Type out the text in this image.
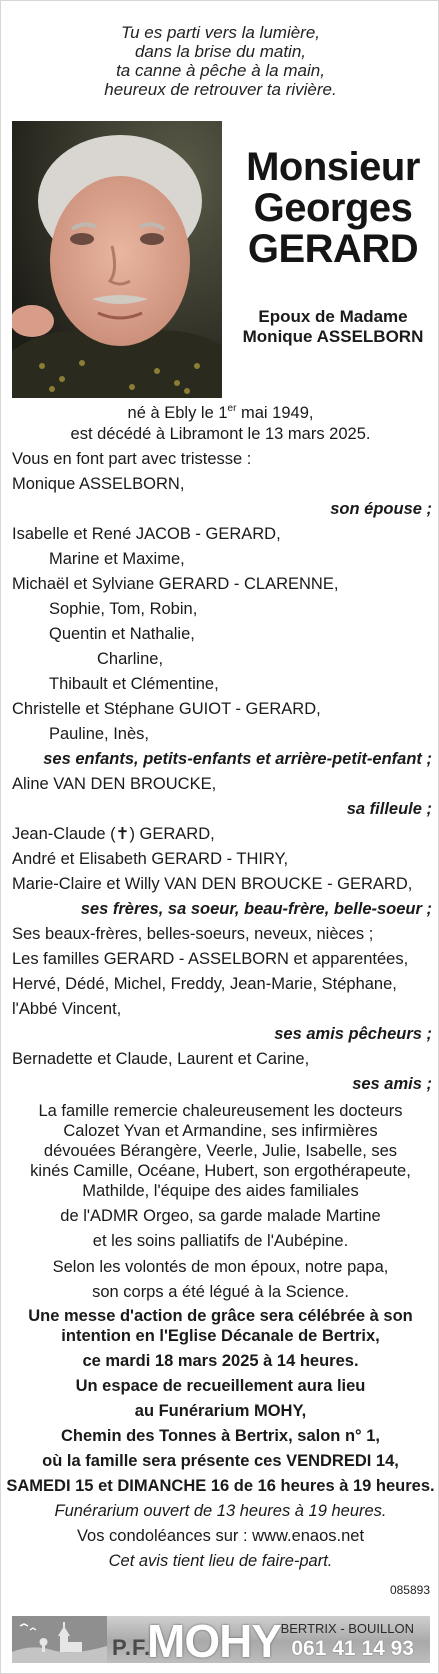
Tu es parti vers la lumière,
dans la brise du matin,
ta canne à pêche à la main,
heureux de retrouver ta rivière.
Monsieur
Georges
GERARD
Epoux de Madame
Monique ASSELBORN
né à Ebly le 1er mai 1949,
est décédé à Libramont le 13 mars 2025.
Vous en font part avec tristesse :
Monique ASSELBORN,
son épouse ;
Isabelle et René JACOB - GERARD,
Marine et Maxime,
Michaël et Sylviane GERARD - CLARENNE,
Sophie, Tom, Robin,
Quentin et Nathalie,
Charline,
Thibault et Clémentine,
Christelle et Stéphane GUIOT - GERARD,
Pauline, Inès,
ses enfants, petits-enfants et arrière-petit-enfant ;
Aline VAN DEN BROUCKE,
sa filleule ;
Jean-Claude (✝) GERARD,
André et Elisabeth GERARD - THIRY,
Marie-Claire et Willy VAN DEN BROUCKE - GERARD,
ses frères, sa soeur, beau-frère, belle-soeur ;
Ses beaux-frères, belles-soeurs, neveux, nièces ;
Les familles GERARD - ASSELBORN et apparentées,
Hervé, Dédé, Michel, Freddy, Jean-Marie, Stéphane,
l'Abbé Vincent,
ses amis pêcheurs ;
Bernadette et Claude, Laurent et Carine,
ses amis ;
La famille remercie chaleureusement les docteurs
Calozet Yvan et Armandine, ses infirmières
dévouées Bérangère, Veerle, Julie, Isabelle, ses
kinés Camille, Océane, Hubert, son ergothérapeute,
Mathilde, l'équipe des aides familiales
de l'ADMR Orgeo, sa garde malade Martine
et les soins palliatifs de l'Aubépine.
Selon les volontés de mon époux, notre papa,
son corps a été légué à la Science.
Une messe d'action de grâce sera célébrée à son
intention en l'Eglise Décanale de Bertrix,
ce mardi 18 mars 2025 à 14 heures.
Un espace de recueillement aura lieu
au Funérarium MOHY,
Chemin des Tonnes à Bertrix, salon n° 1,
où la famille sera présente ces VENDREDI 14,
SAMEDI 15 et DIMANCHE 16 de 16 heures à 19 heures.
Funérarium ouvert de 13 heures à 19 heures.
Vos condoléances sur : www.enaos.net
Cet avis tient lieu de faire-part.
085893
P.F.
MOHY BERTRIX - BOUILLON
061 41 14 93
